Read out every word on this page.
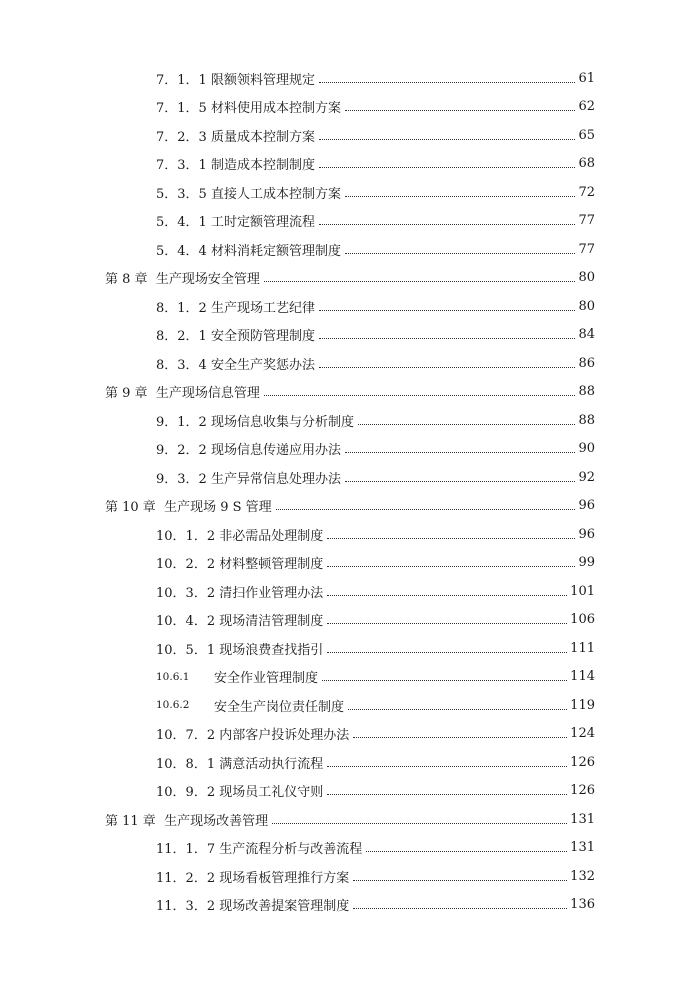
7．1．1 限额领料管理规定	61
7．1．5 材料使用成本控制方案	62
7．2．3 质量成本控制方案	65
7．3．1 制造成本控制制度	68
5．3．5 直接人工成本控制方案	72
5．4．1 工时定额管理流程	77
5．4．4 材料消耗定额管理制度	77
第 8 章 生产现场安全管理	80
8．1．2 生产现场工艺纪律	80
8．2．1 安全预防管理制度	84
8．3．4 安全生产奖惩办法	86
第 9 章 生产现场信息管理	88
9．1．2 现场信息收集与分析制度	88
9．2．2 现场信息传递应用办法	90
9．3．2 生产异常信息处理办法	92
第 10 章 生产现场 9 S 管理	96
10．1．2 非必需品处理制度	96
10．2．2 材料整顿管理制度	99
10．3．2 清扫作业管理办法	101
10．4．2 现场清洁管理制度	106
10．5．1 现场浪费查找指引	111
10.6.1	安全作业管理制度	114
10.6.2	安全生产岗位责任制度	119
10．7．2 内部客户投诉处理办法	124
10．8．1 满意活动执行流程	126
10．9．2 现场员工礼仪守则	126
第 11 章 生产现场改善管理	131
11．1．7 生产流程分析与改善流程	131
11．2．2 现场看板管理推行方案	132
11．3．2 现场改善提案管理制度	136
